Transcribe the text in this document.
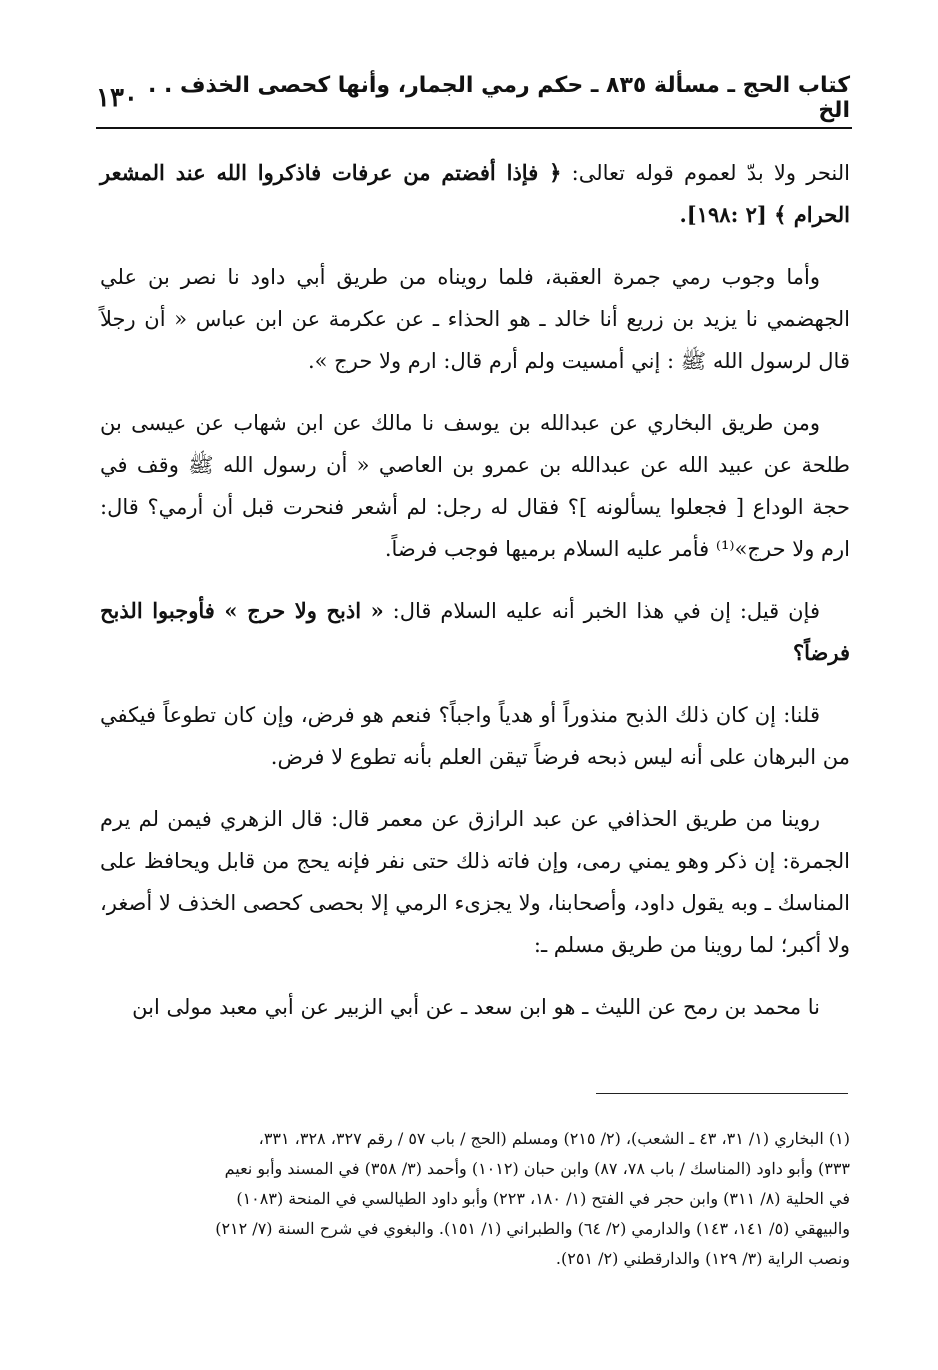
١٣٠ كتاب الحج ـ مسألة ٨٣٥ ـ حكم رمي الجمار، وأنها كحصى الخذف . . الخ

النحر ولا بدّ لعموم قوله تعالى: ﴿ فإذا أفضتم من عرفات فاذكروا الله عند المشعر الحرام ﴾ [٢ :١٩٨].

وأما وجوب رمي جمرة العقبة، فلما رويناه من طريق أبي داود نا نصر بن علي الجهضمي نا يزيد بن زريع أنا خالد ـ هو الحذاء ـ عن عكرمة عن ابن عباس « أن رجلاً قال لرسول الله ﷺ : إني أمسيت ولم أرم قال: ارم ولا حرج ».

ومن طريق البخاري عن عبدالله بن يوسف نا مالك عن ابن شهاب عن عيسى بن طلحة عن عبيد الله عن عبدالله بن عمرو بن العاصي « أن رسول الله ﷺ وقف في حجة الوداع [ فجعلوا يسألونه ]؟ فقال له رجل: لم أشعر فنحرت قبل أن أرمي؟ قال: ارم ولا حرج»⁽¹⁾ فأمر عليه السلام برميها فوجب فرضاً.

فإن قيل: إن في هذا الخبر أنه عليه السلام قال: « اذبح ولا حرج » فأوجبوا الذبح فرضاً؟

قلنا: إن كان ذلك الذبح منذوراً أو هدياً واجباً؟ فنعم هو فرض، وإن كان تطوعاً فيكفي من البرهان على أنه ليس ذبحه فرضاً تيقن العلم بأنه تطوع لا فرض.

روينا من طريق الحذافي عن عبد الرازق عن معمر قال: قال الزهري فيمن لم يرم الجمرة: إن ذكر وهو يمني رمى، وإن فاته ذلك حتى نفر فإنه يحج من قابل ويحافظ على المناسك ـ وبه يقول داود، وأصحابنا، ولا يجزىء الرمي إلا بحصى كحصى الخذف لا أصغر، ولا أكبر؛ لما روينا من طريق مسلم ـ:

نا محمد بن رمح عن الليث ـ هو ابن سعد ـ عن أبي الزبير عن أبي معبد مولى ابن

(١) البخاري (١/ ٣١، ٤٣ ـ الشعب)، (٢/ ٢١٥) ومسلم (الحج / باب ٥٧ / رقم ٣٢٧، ٣٢٨، ٣٣١،

٣٣٣) وأبو داود (المناسك / باب ٧٨، ٨٧) وابن حبان (١٠١٢) وأحمد (٣/ ٣٥٨) في المسند وأبو نعيم

في الحلية (٨/ ٣١١) وابن حجر في الفتح (١/ ١٨٠، ٢٢٣) وأبو داود الطيالسي في المنحة (١٠٨٣)

والبيهقي (٥/ ١٤١، ١٤٣) والدارمي (٢/ ٦٤) والطبراني (١/ ١٥١). والبغوي في شرح السنة (٧/ ٢١٢)

ونصب الراية (٣/ ١٢٩) والدارقطني (٢/ ٢٥١).
